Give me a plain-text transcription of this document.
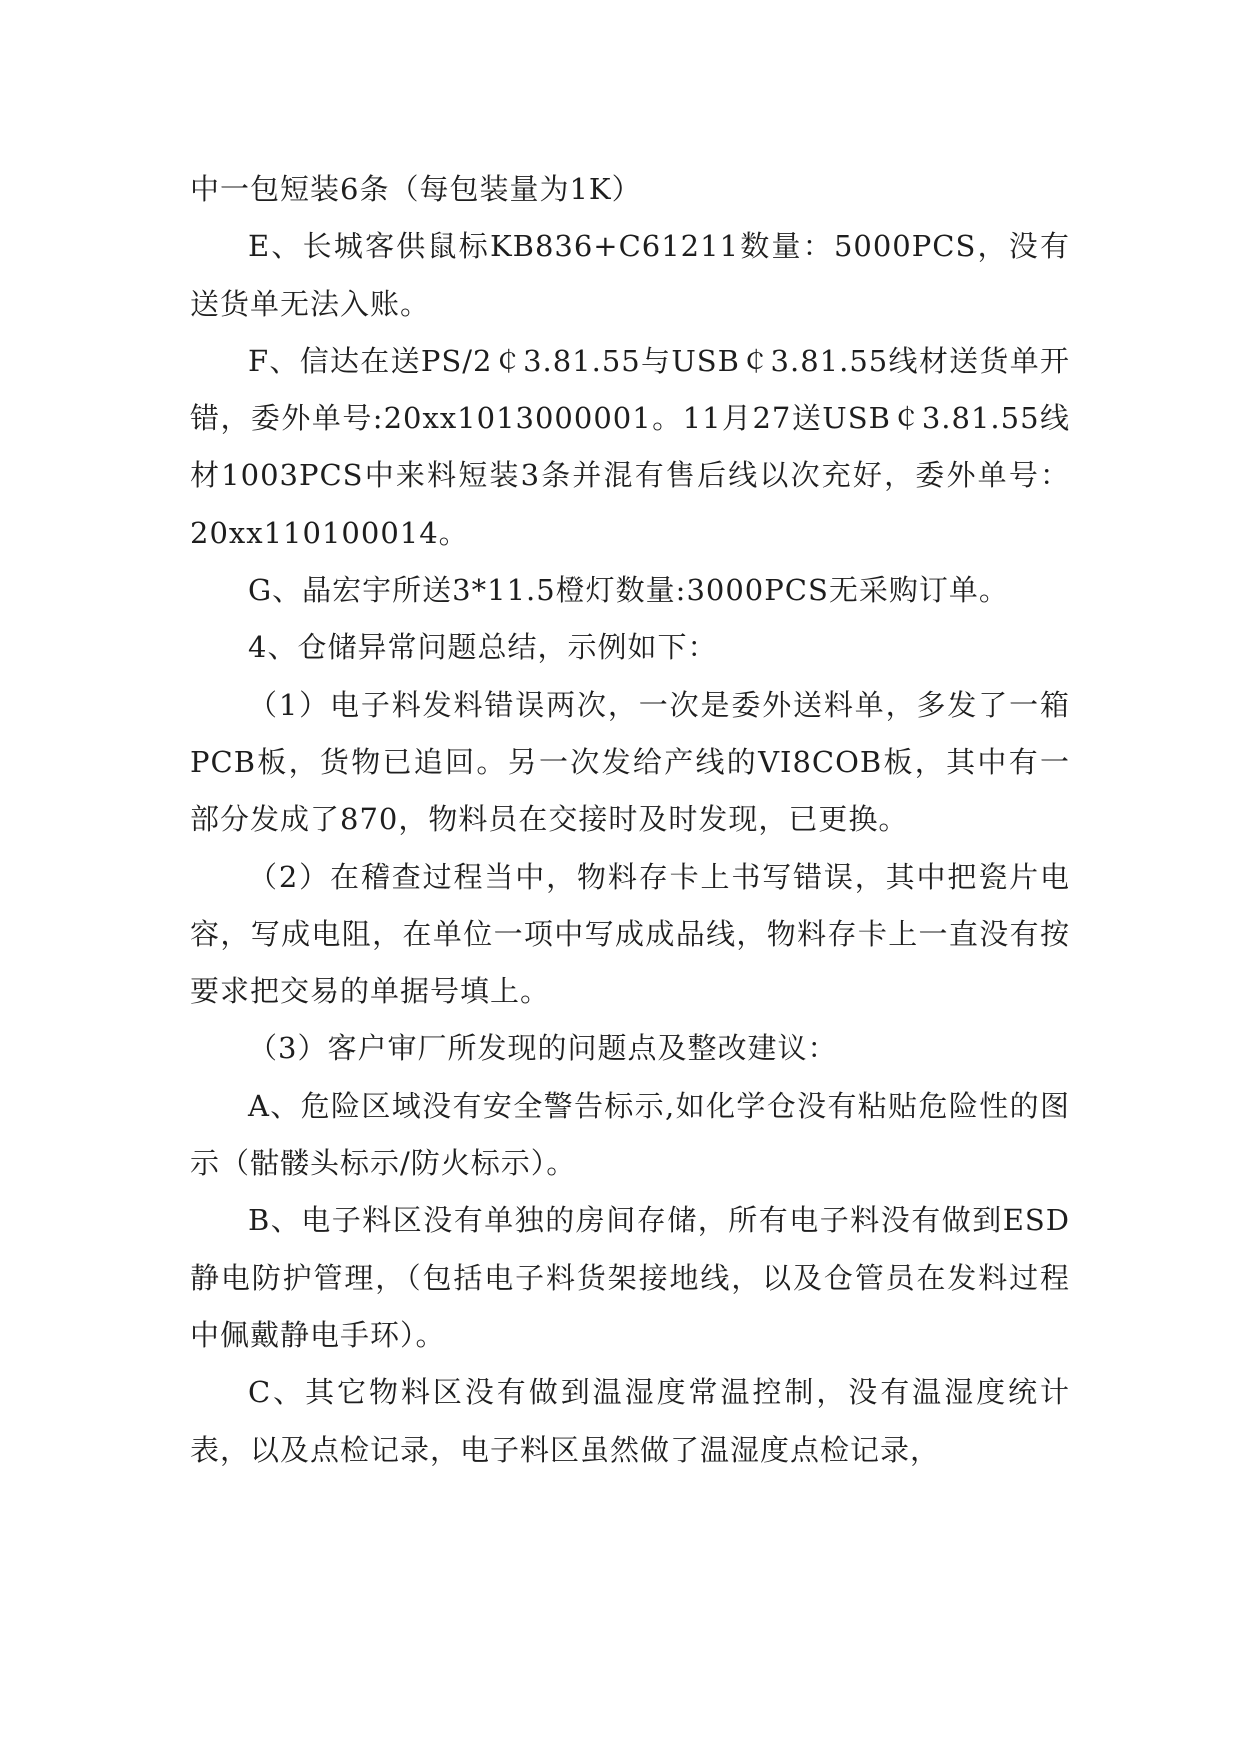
中一包短装6条（每包装量为1K）

E、长城客供鼠标KB836+C61211数量：5000PCS，没有送货单无法入账。

F、信达在送PS/2￠3.81.55与USB￠3.81.55线材送货单开错，委外单号:20xx1013000001。11月27送USB￠3.81.55线材1003PCS中来料短装3条并混有售后线以次充好，委外单号：20xx110100014。

G、晶宏宇所送3*11.5橙灯数量:3000PCS无采购订单。

4、仓储异常问题总结，示例如下：

（1）电子料发料错误两次，一次是委外送料单，多发了一箱PCB板，货物已追回。另一次发给产线的VI8COB板，其中有一部分发成了870，物料员在交接时及时发现，已更换。

（2）在稽查过程当中，物料存卡上书写错误，其中把瓷片电容，写成电阻，在单位一项中写成成品线，物料存卡上一直没有按要求把交易的单据号填上。

（3）客户审厂所发现的问题点及整改建议：

A、危险区域没有安全警告标示,如化学仓没有粘贴危险性的图示（骷髅头标示/防火标示）。

B、电子料区没有单独的房间存储，所有电子料没有做到ESD静电防护管理，（包括电子料货架接地线，以及仓管员在发料过程中佩戴静电手环）。

C、其它物料区没有做到温湿度常温控制，没有温湿度统计表，以及点检记录，电子料区虽然做了温湿度点检记录，
